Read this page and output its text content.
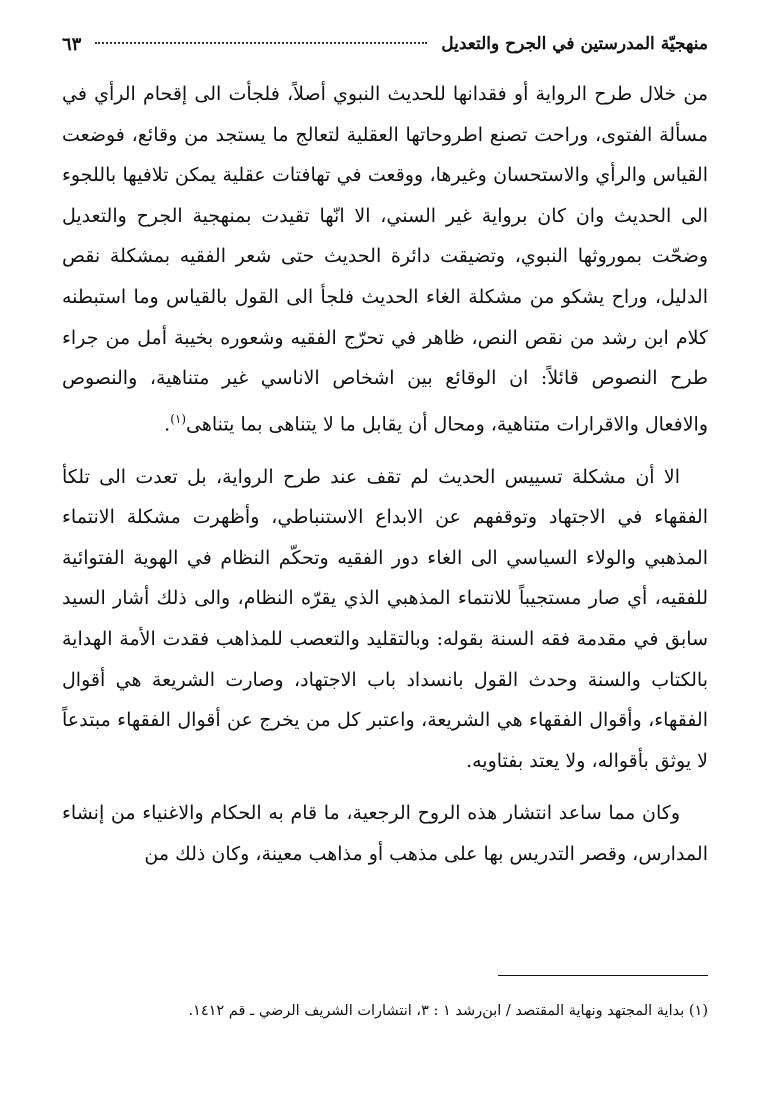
منهجيّة المدرستين في الجرح والتعديل
٦٣

من خلال طرح الرواية أو فقدانها للحديث النبوي أصلاً، فلجأت الى إقحام الرأي في مسألة الفتوى، وراحت تصنع اطروحاتها العقلية لتعالج ما يستجد من وقائع، فوضعت القياس والرأي والاستحسان وغيرها، ووقعت في تهافتات عقلية يمكن تلافيها باللجوء الى الحديث وان كان برواية غير السني، الا انّها تقيدت بمنهجية الجرح والتعديل وضحّت بموروثها النبوي، وتضيقت دائرة الحديث حتى شعر الفقيه بمشكلة نقص الدليل، وراح يشكو من مشكلة الغاء الحديث فلجأ الى القول بالقياس وما استبطنه كلام ابن رشد من نقص النص، ظاهر في تحرّج الفقيه وشعوره بخيبة أمل من جراء طرح النصوص قائلاً: ان الوقائع بين اشخاص الاناسي غير متناهية، والنصوص والافعال والاقرارات متناهية، ومحال أن يقابل ما لا يتناهى بما يتناهى$^{(١)}$.

الا أن مشكلة تسييس الحديث لم تقف عند طرح الرواية، بل تعدت الى تلكأ الفقهاء في الاجتهاد وتوقفهم عن الابداع الاستنباطي، وأظهرت مشكلة الانتماء المذهبي والولاء السياسي الى الغاء دور الفقيه وتحكّم النظام في الهوية الفتوائية للفقيه، أي صار مستجيباً للانتماء المذهبي الذي يقرّه النظام، والى ذلك أشار السيد سابق في مقدمة فقه السنة بقوله: وبالتقليد والتعصب للمذاهب فقدت الأمة الهداية بالكتاب والسنة وحدث القول بانسداد باب الاجتهاد، وصارت الشريعة هي أقوال الفقهاء، وأقوال الفقهاء هي الشريعة، واعتبر كل من يخرج عن أقوال الفقهاء مبتدعاً لا يوثق بأقواله، ولا يعتد بفتاويه.

وكان مما ساعد انتشار هذه الروح الرجعية، ما قام به الحكام والاغنياء من إنشاء المدارس، وقصر التدريس بها على مذهب أو مذاهب معينة، وكان ذلك من

(١) بداية المجتهد ونهاية المقتصد / ابن‌رشد ١ : ٣، انتشارات الشريف الرضي ـ قم ١٤١٢.
